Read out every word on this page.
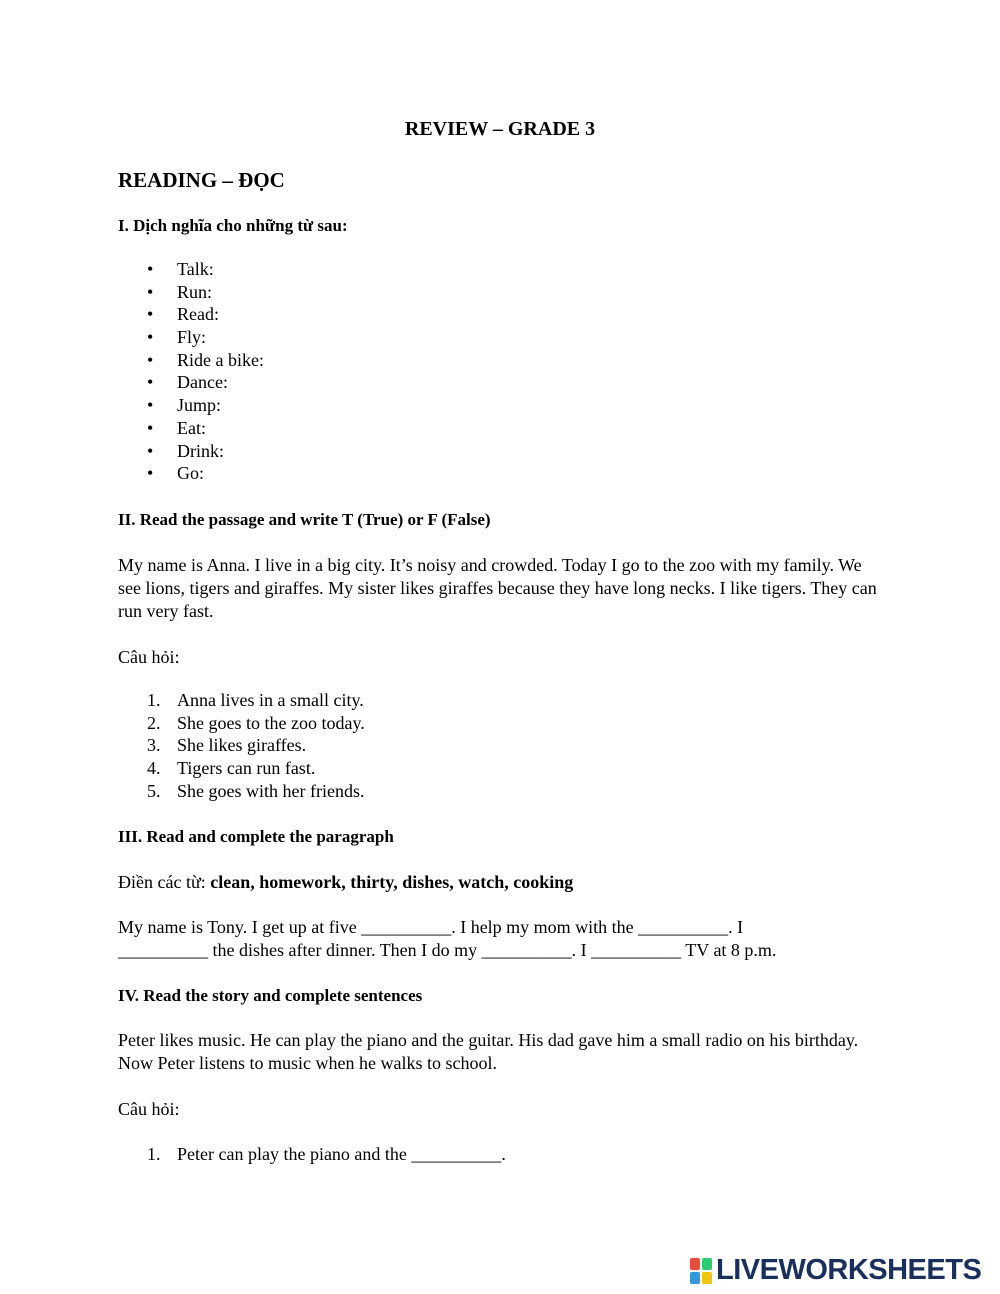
REVIEW – GRADE 3
READING – ĐỌC
I. Dịch nghĩa cho những từ sau:
• Talk:
• Run:
• Read:
• Fly:
• Ride a bike:
• Dance:
• Jump:
• Eat:
• Drink:
• Go:
II. Read the passage and write T (True) or F (False)
My name is Anna. I live in a big city. It’s noisy and crowded. Today I go to the zoo with my family. We see lions, tigers and giraffes. My sister likes giraffes because they have long necks. I like tigers. They can run very fast.
Câu hỏi:
1. Anna lives in a small city.
2. She goes to the zoo today.
3. She likes giraffes.
4. Tigers can run fast.
5. She goes with her friends.
III. Read and complete the paragraph
Điền các từ: clean, homework, thirty, dishes, watch, cooking
My name is Tony. I get up at five __________. I help my mom with the __________. I
__________ the dishes after dinner. Then I do my __________. I __________ TV at 8 p.m.
IV. Read the story and complete sentences
Peter likes music. He can play the piano and the guitar. His dad gave him a small radio on his birthday. Now Peter listens to music when he walks to school.
Câu hỏi:
1. Peter can play the piano and the __________.
LIVEWORKSHEETS
